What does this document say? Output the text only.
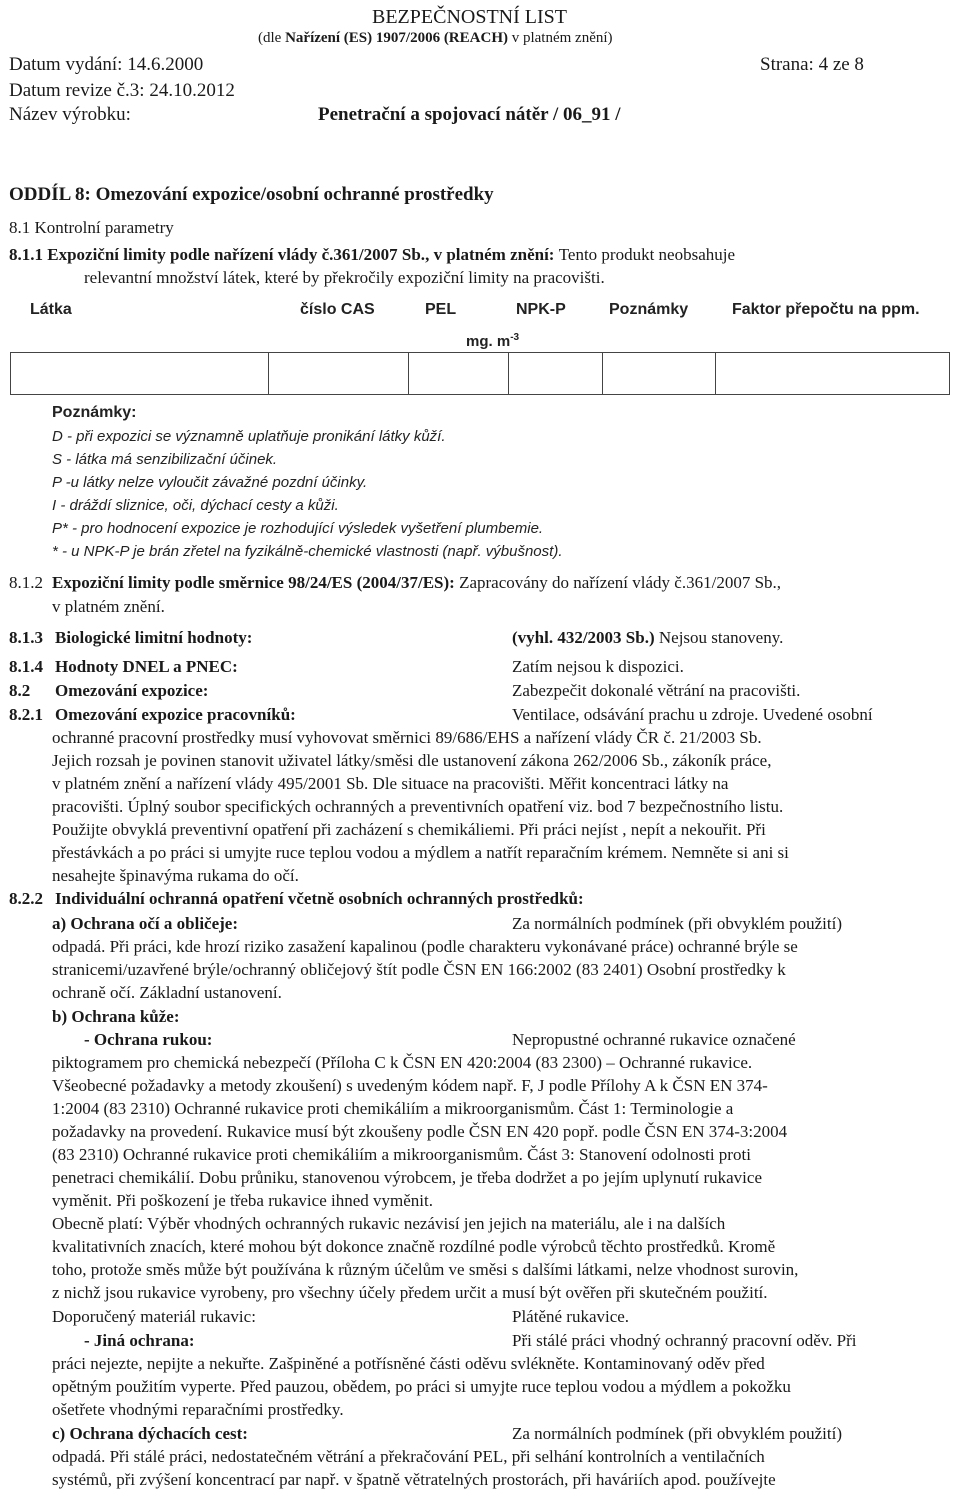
BEZPEČNOSTNÍ LIST
(dle Nařízení (ES) 1907/2006 (REACH) v platném znění)
Datum vydání: 14.6.2000	Strana: 4 ze 8
Datum revize č.3: 24.10.2012
Název výrobku:	Penetrační a spojovací nátěr / 06_91 /
ODDÍL 8: Omezování expozice/osobní ochranné prostředky
8.1 Kontrolní parametry
8.1.1 Expoziční limity podle nařízení vlády č.361/2007 Sb., v platném znění: Tento produkt neobsahuje
relevantní množství látek, které by překročily expoziční limity na pracovišti.
Látka	číslo CAS	PEL	NPK-P	Poznámky	Faktor přepočtu na ppm.
mg. $m^{-3}$
Poznámky:
D - při expozici se významně uplatňuje pronikání látky kůží.
S - látka má senzibilizační účinek.
P -u látky nelze vyloučit závažné pozdní účinky.
I - dráždí sliznice, oči, dýchací cesty a kůži.
P* - pro hodnocení expozice je rozhodující výsledek vyšetření plumbemie.
* - u NPK-P je brán zřetel na fyzikálně-chemické vlastnosti (např. výbušnost).
8.1.2 Expoziční limity podle směrnice 98/24/ES (2004/37/ES): Zapracovány do nařízení vlády č.361/2007 Sb.,
v platném znění.
8.1.3 Biologické limitní hodnoty:	(vyhl. 432/2003 Sb.) Nejsou stanoveny.
8.1.4 Hodnoty DNEL a PNEC:	Zatím nejsou k dispozici.
8.2 Omezování expozice:	Zabezpečit dokonalé větrání na pracovišti.
8.2.1 Omezování expozice pracovníků:	Ventilace, odsávání prachu u zdroje. Uvedené osobní
ochranné pracovní prostředky musí vyhovovat směrnici 89/686/EHS a nařízení vlády ČR č. 21/2003 Sb.
Jejich rozsah je povinen stanovit uživatel látky/směsi dle ustanovení zákona 262/2006 Sb., zákoník práce,
v platném znění a nařízení vlády 495/2001 Sb. Dle situace na pracovišti. Měřit koncentraci látky na
pracovišti. Úplný soubor specifických ochranných a preventivních opatření viz. bod 7 bezpečnostního listu.
Použijte obvyklá preventivní opatření při zacházení s chemikáliemi. Při práci nejíst , nepít a nekouřit. Při
přestávkách a po práci si umyjte ruce teplou vodou a mýdlem a natřít reparačním krémem. Nemněte si ani si
nesahejte špinavýma rukama do očí.
8.2.2 Individuální ochranná opatření včetně osobních ochranných prostředků:
a) Ochrana očí a obličeje:	Za normálních podmínek (při obvyklém použití)
odpadá. Při práci, kde hrozí riziko zasažení kapalinou (podle charakteru vykonávané práce) ochranné brýle se
stranicemi/uzavřené brýle/ochranný obličejový štít podle ČSN EN 166:2002 (83 2401) Osobní prostředky k
ochraně očí. Základní ustanovení.
b) Ochrana kůže:
- Ochrana rukou:	Nepropustné ochranné rukavice označené
piktogramem pro chemická nebezpečí (Příloha C k ČSN EN 420:2004 (83 2300) – Ochranné rukavice.
Všeobecné požadavky a metody zkoušení) s uvedeným kódem např. F, J podle Přílohy A k ČSN EN 374-
1:2004 (83 2310) Ochranné rukavice proti chemikáliím a mikroorganismům. Část 1: Terminologie a
požadavky na provedení. Rukavice musí být zkoušeny podle ČSN EN 420 popř. podle ČSN EN 374-3:2004
(83 2310) Ochranné rukavice proti chemikáliím a mikroorganismům. Část 3: Stanovení odolnosti proti
penetraci chemikálií. Dobu průniku, stanovenou výrobcem, je třeba dodržet a po jejím uplynutí rukavice
vyměnit. Při poškození je třeba rukavice ihned vyměnit.
Obecně platí: Výběr vhodných ochranných rukavic nezávisí jen jejich na materiálu, ale i na dalších
kvalitativních znacích, které mohou být dokonce značně rozdílné podle výrobců těchto prostředků. Kromě
toho, protože směs může být používána k různým účelům ve směsi s dalšími látkami, nelze vhodnost surovin,
z nichž jsou rukavice vyrobeny, pro všechny účely předem určit a musí být ověřen při skutečném použití.
Doporučený materiál rukavic:	Plátěné rukavice.
- Jiná ochrana:	Při stálé práci vhodný ochranný pracovní oděv. Při
práci nejezte, nepijte a nekuřte. Zašpiněné a potřísněné části oděvu svlékněte. Kontaminovaný oděv před
opětným použitím vyperte. Před pauzou, obědem, po práci si umyjte ruce teplou vodou a mýdlem a pokožku
ošetřete vhodnými reparačními prostředky.
c) Ochrana dýchacích cest:	Za normálních podmínek (při obvyklém použití)
odpadá. Při stálé práci, nedostatečném větrání a překračování PEL, při selhání kontrolních a ventilačních
systémů, při zvýšení koncentrací par např. v špatně větratelných prostorách, při haváriích apod. používejte
